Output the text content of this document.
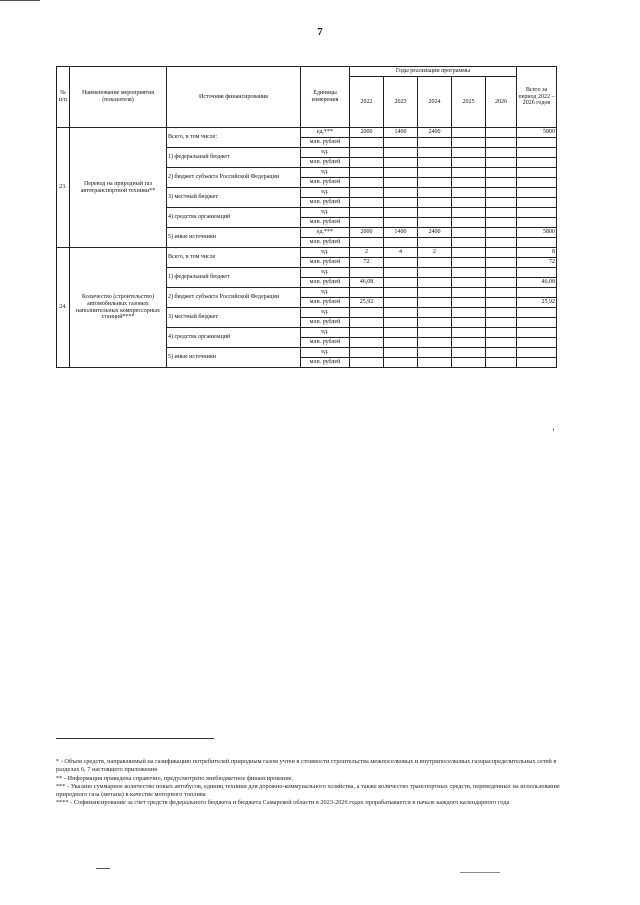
7
№ п/п	Наименование мероприятия (показателя)	Источник финансирования	Единицы измерения	Годы реализации программы					Всего за период 2022 – 2026 годов
				2022	2023	2024	2025	2026	
23.	Перевод на природный газ автотранспортной техники**	Всего, в том числе:	ед.***	2000	1400	2400			5800
			млн. рублей						
		1) федеральный бюджет	ед.						
			млн. рублей						
		2) бюджет субъекта Российской Федерации	ед.						
			млн. рублей						
		3) местный бюджет	ед.						
			млн. рублей						
		4) средства организаций	ед.						
			млн. рублей						
		5) иные источники	ед.***	2000	1400	2400			5800
			млн. рублей						
24.	Количество (строительство) автомобильных газовых наполнительных компрессорных станций****	Всего, в том числе	ед.	2	4	2			8
			млн. рублей	72					72
		1) федеральный бюджет	ед.						
			млн. рублей	46,08					46,08
		2) бюджет субъекта Российской Федерации	ед.						
			млн. рублей	25,92					25,92
		3) местный бюджет	ед.						
			млн. рублей						
		4) средства организаций	ед.						
			млн. рублей						
		5) иные источники	ед.						
			млн. рублей						

* - Объем средств, направляемый на газификацию потребителей природным газом учтен в стоимости строительства межпоселковых и внутрипоселковых газораспределительных сетей в разделах 6, 7 настоящего приложения

** - Информация приведена справочно, предусмотрено внебюджетное финансирование.

*** - Указано суммарное количество новых автобусов, единиц техники для дорожно-коммунального хозяйства, а также количество транспортных средств, переведенных на использование природного газа (метана) в качестве моторного топлива

**** - Софинансирование за счет средств федерального бюджета и бюджета Самарской области в 2023-2026 годах прорабатывается в начале каждого календарного года
